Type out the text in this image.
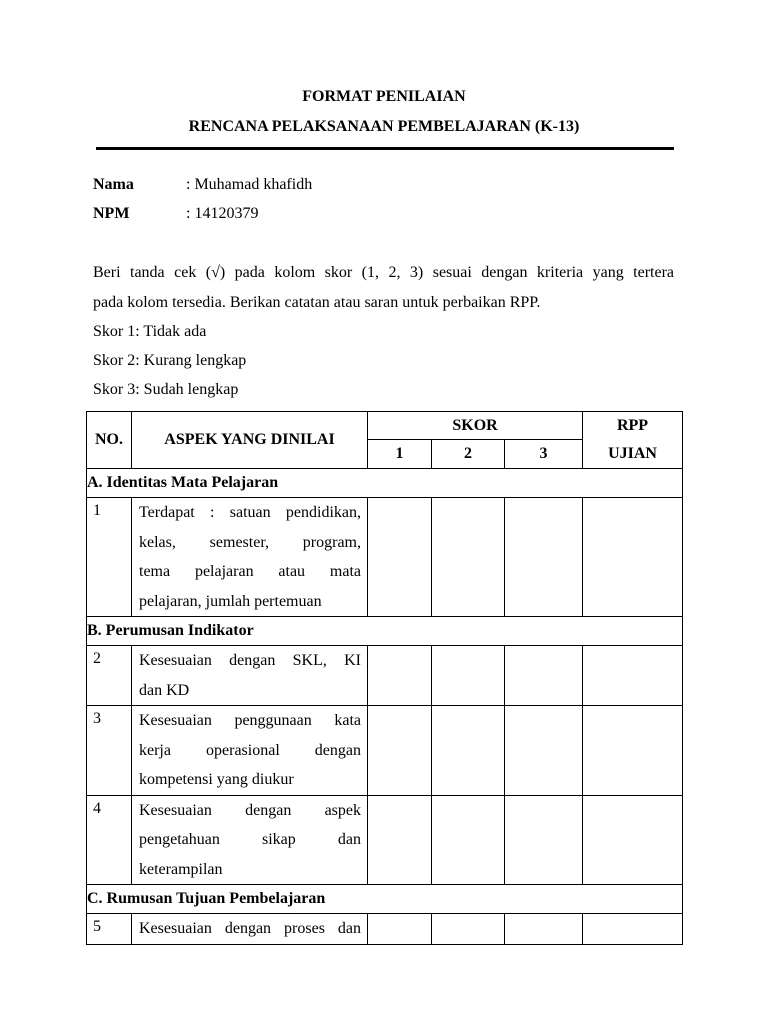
FORMAT PENILAIAN
RENCANA PELAKSANAAN PEMBELAJARAN (K-13)
Nama	: Muhamad khafidh
NPM	: 14120379
Beri tanda cek (√) pada kolom skor (1, 2, 3) sesuai dengan kriteria yang tertera
pada kolom tersedia. Berikan catatan atau saran untuk perbaikan RPP.
Skor 1: Tidak ada
Skor 2: Kurang lengkap
Skor 3: Sudah lengkap
NO.	ASPEK YANG DINILAI	SKOR			RPP
		1	2	3	UJIAN
A. Identitas Mata Pelajaran					
1	Terdapat : satuan pendidikan,
kelas, semester, program,
tema pelajaran atau mata
pelajaran, jumlah pertemuan				

B. Perumusan Indikator					
2	Kesesuaian dengan SKL, KI
dan KD				

3	Kesesuaian penggunaan kata
kerja operasional dengan
kompetensi yang diukur				

4	Kesesuaian dengan aspek
pengetahuan sikap dan
keterampilan				

C. Rumusan Tujuan Pembelajaran					
5	Kesesuaian dengan proses dan				
